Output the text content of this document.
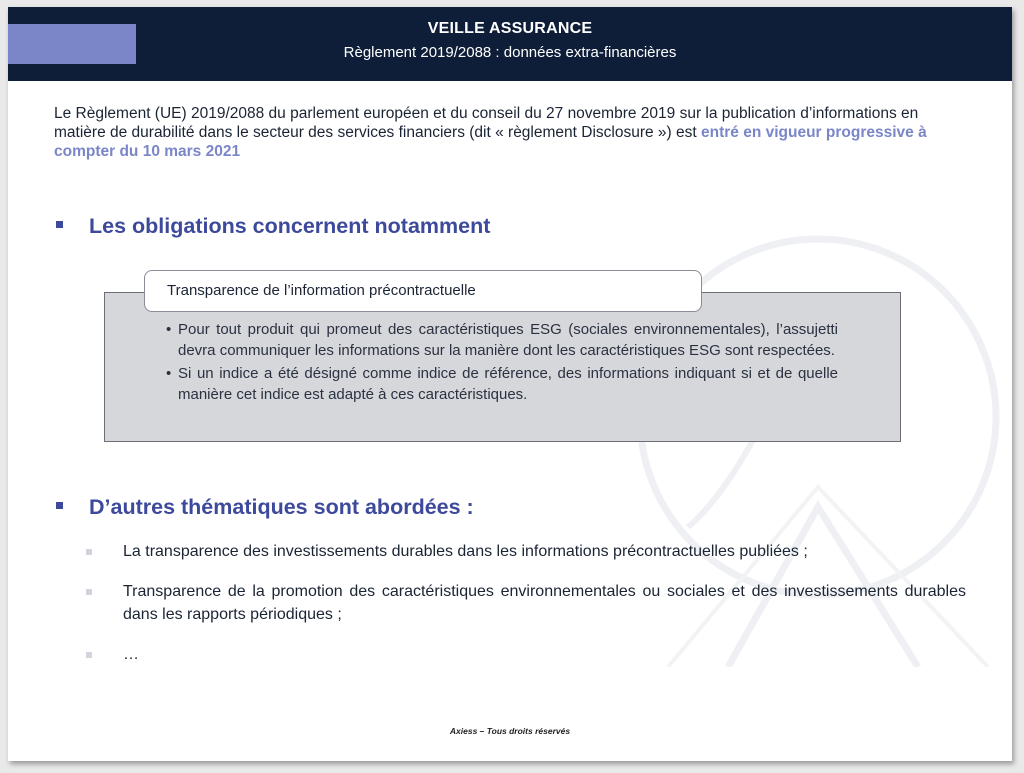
VEILLE ASSURANCE
Règlement 2019/2088 : données extra-financières
Le Règlement (UE) 2019/2088 du parlement européen et du conseil du 27 novembre 2019 sur la publication d’informations en matière de durabilité dans le secteur des services financiers (dit « règlement Disclosure ») est entré en vigueur progressive à compter du 10 mars 2021
Les obligations concernent notamment
Transparence de l’information précontractuelle
• Pour tout produit qui promeut des caractéristiques ESG (sociales environnementales), l’assujetti devra communiquer les informations sur la manière dont les caractéristiques ESG sont respectées.
• Si un indice a été désigné comme indice de référence, des informations indiquant si et de quelle manière cet indice est adapté à ces caractéristiques.
D’autres thématiques sont abordées :
La transparence des investissements durables dans les informations précontractuelles publiées ;
Transparence de la promotion des caractéristiques environnementales ou sociales et des investissements durables dans les rapports périodiques ;
…
Axiess – Tous droits réservés
